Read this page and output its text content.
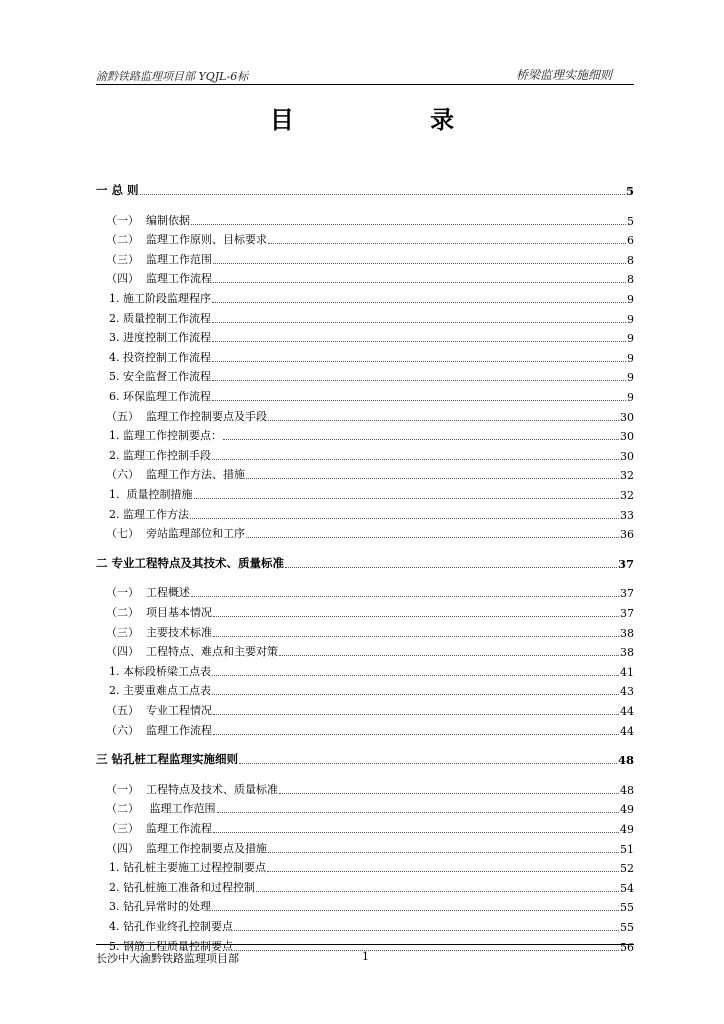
渝黔铁路监理项目部 YQJL-6标	桥梁监理实施细则
目 录
一 总 则	5
（一）  编制依据	5
（二）  监理工作原则、目标要求	6
（三）  监理工作范围	8
（四）  监理工作流程	8
1. 施工阶段监理程序	9
2. 质量控制工作流程	9
3. 进度控制工作流程	9
4. 投资控制工作流程	9
5. 安全监督工作流程	9
6. 环保监理工作流程	9
（五）  监理工作控制要点及手段	30
1. 监理工作控制要点：	30
2. 监理工作控制手段	30
（六）  监理工作方法、措施	32
1.  质量控制措施	32
2. 监理工作方法	33
（七）  旁站监理部位和工序	36
二 专业工程特点及其技术、质量标准	37
（一）  工程概述	37
（二）  项目基本情况	37
（三）  主要技术标准	38
（四）  工程特点、难点和主要对策	38
1. 本标段桥梁工点表	41
2. 主要重难点工点表	43
（五）  专业工程情况	44
（六）  监理工作流程	44
三 钻孔桩工程监理实施细则	48
（一）  工程特点及技术、质量标准	48
（二）   监理工作范围	49
（三）  监理工作流程	49
（四）  监理工作控制要点及措施	51
1. 钻孔桩主要施工过程控制要点	52
2. 钻孔桩施工准备和过程控制	54
3. 钻孔异常时的处理	55
4. 钻孔作业终孔控制要点	55
5. 钢筋工程质量控制要点	56
长沙中大渝黔铁路监理项目部	1
